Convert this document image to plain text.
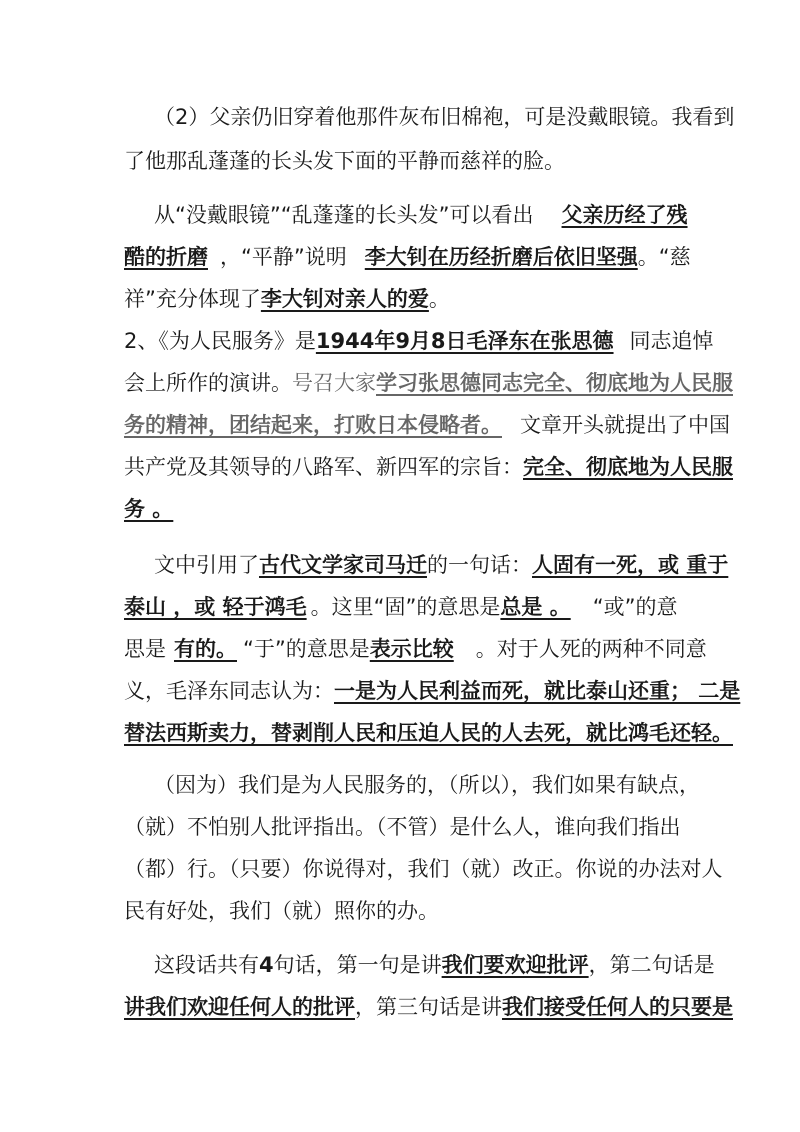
（2）父亲仍旧穿着他那件灰布旧棉袍，可是没戴眼镜。我看到
了他那乱蓬蓬的长头发下面的平静而慈祥的脸。
从“没戴眼镜”“乱蓬蓬的长头发”可以看出 父亲历经了残
酷的折磨 ，“平静”说明 李大钊在历经折磨后依旧坚强。“慈
祥”充分体现了李大钊对亲人的爱。
2、《为人民服务》是1944年9月8日毛泽东在张思德 同志追悼
会上所作的演讲。号召大家学习张思德同志完全、彻底地为人民服
务的精神，团结起来，打败日本侵略者。 文章开头就提出了中国
共产党及其领导的八路军、新四军的宗旨：完全、彻底地为人民服
务 。
文中引用了古代文学家司马迁的一句话：人固有一死，或 重于
泰山 ，或 轻于鸿毛 。这里“固”的意思是总是 。 “或”的意
思是 有的。 “于”的意思是表示比较 。对于人死的两种不同意
义，毛泽东同志认为：一是为人民利益而死，就比泰山还重； 二是
替法西斯卖力，替剥削人民和压迫人民的人去死，就比鸿毛还轻。
（因为）我们是为人民服务的，（所以），我们如果有缺点，
（就）不怕别人批评指出。（不管）是什么人，谁向我们指出
（都）行。（只要）你说得对，我们（就）改正。你说的办法对人
民有好处，我们（就）照你的办。
这段话共有4句话，第一句是讲我们要欢迎批评，第二句话是
讲我们欢迎任何人的批评，第三句话是讲我们接受任何人的只要是
